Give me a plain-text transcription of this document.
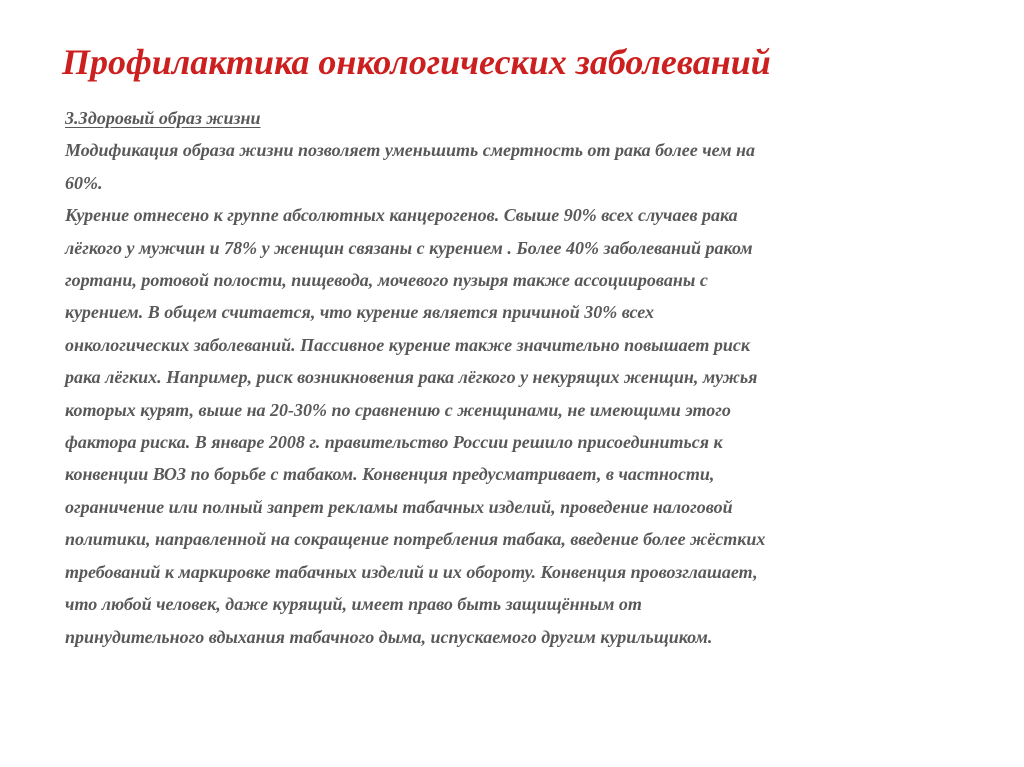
Профилактика онкологических заболеваний

3.Здоровый образ жизни

Модификация образа жизни позволяет уменьшить смертность от рака более чем на

60%.

Курение отнесено к группе абсолютных канцерогенов. Свыше 90% всех случаев рака

лёгкого у мужчин и 78% у женщин связаны с курением . Более 40% заболеваний раком

гортани, ротовой полости, пищевода, мочевого пузыря также ассоциированы с

курением. В общем считается, что курение является причиной 30% всех

онкологических заболеваний. Пассивное курение также значительно повышает риск

рака лёгких. Например, риск возникновения рака лёгкого у некурящих женщин, мужья

которых курят, выше на 20-30% по сравнению с женщинами, не имеющими этого

фактора риска. В январе 2008 г. правительство России решило присоединиться к

конвенции ВОЗ по борьбе с табаком. Конвенция предусматривает, в частности,

ограничение или полный запрет рекламы табачных изделий, проведение налоговой

политики, направленной на сокращение потребления табака, введение более жёстких

требований к маркировке табачных изделий и их обороту. Конвенция провозглашает,

что любой человек, даже курящий, имеет право быть защищённым от

принудительного вдыхания табачного дыма, испускаемого другим курильщиком.
